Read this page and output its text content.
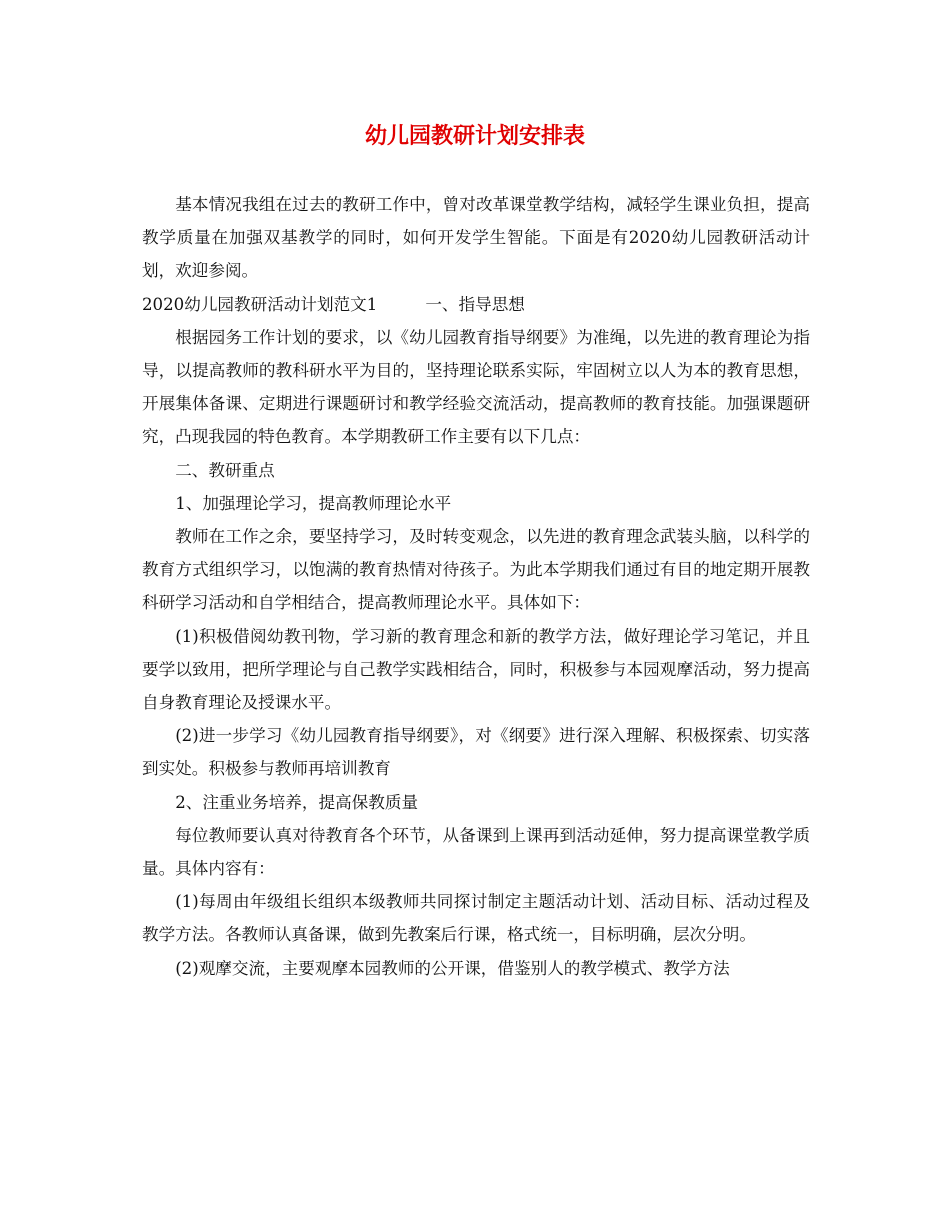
幼儿园教研计划安排表

基本情况我组在过去的教研工作中，曾对改革课堂教学结构，减轻学生课业负担，提高教学质量在加强双基教学的同时，如何开发学生智能。下面是有2020幼儿园教研活动计划，欢迎参阅。

2020幼儿园教研活动计划范文1	一、指导思想

根据园务工作计划的要求，以《幼儿园教育指导纲要》为准绳，以先进的教育理论为指导，以提高教师的教科研水平为目的，坚持理论联系实际，牢固树立以人为本的教育思想，开展集体备课、定期进行课题研讨和教学经验交流活动，提高教师的教育技能。加强课题研究，凸现我园的特色教育。本学期教研工作主要有以下几点：

二、教研重点

1、加强理论学习，提高教师理论水平

教师在工作之余，要坚持学习，及时转变观念，以先进的教育理念武装头脑，以科学的教育方式组织学习，以饱满的教育热情对待孩子。为此本学期我们通过有目的地定期开展教科研学习活动和自学相结合，提高教师理论水平。具体如下：

(1)积极借阅幼教刊物，学习新的教育理念和新的教学方法，做好理论学习笔记，并且要学以致用，把所学理论与自己教学实践相结合，同时，积极参与本园观摩活动，努力提高自身教育理论及授课水平。

(2)进一步学习《幼儿园教育指导纲要》，对《纲要》进行深入理解、积极探索、切实落到实处。积极参与教师再培训教育

2、注重业务培养，提高保教质量

每位教师要认真对待教育各个环节，从备课到上课再到活动延伸，努力提高课堂教学质量。具体内容有：

(1)每周由年级组长组织本级教师共同探讨制定主题活动计划、活动目标、活动过程及教学方法。各教师认真备课，做到先教案后行课，格式统一，目标明确，层次分明。

(2)观摩交流，主要观摩本园教师的公开课，借鉴别人的教学模式、教学方法
